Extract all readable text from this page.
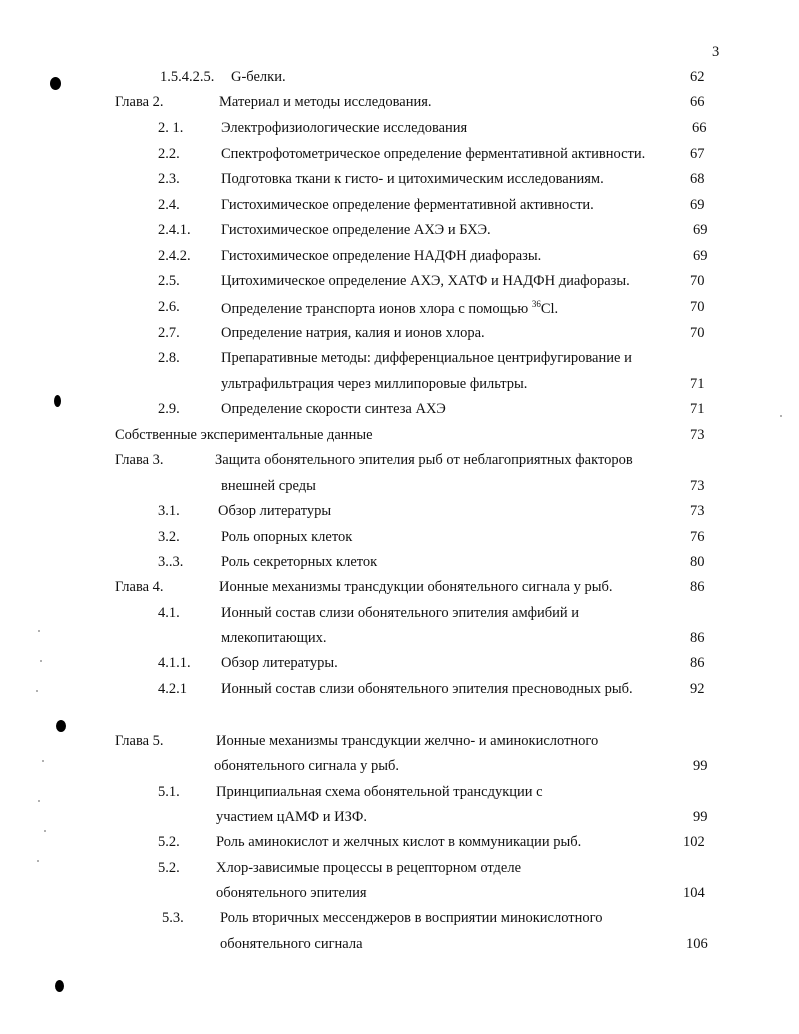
3
1.5.4.2.5. G-белки.	62
Глава 2.	Материал и методы исследования.	66
2. 1.	Электрофизиологические исследования	66
2.2.	Спектрофотометрическое определение ферментативной активности.	67
2.3.	Подготовка ткани к гисто- и цитохимическим исследованиям.	68
2.4.	Гистохимическое определение ферментативной активности.	69
2.4.1. Гистохимическое определение АХЭ и БХЭ.	69
2.4.2. Гистохимическое определение НАДФН диафоразы.	69
2.5.	Цитохимическое определение АХЭ, ХАТФ и НАДФН диафоразы.	70
2.6.	Определение транспорта ионов хлора с помощью $^{36}$Cl.	70
2.7.	Определение натрия, калия и ионов хлора.	70
2.8.	Препаративные методы: дифференциальное центрифугирование и
ультрафильтрация через миллипоровые фильтры.	71
2.9.	Определение скорости синтеза АХЭ	71
Собственные экспериментальные данные	73
Глава 3.	Защита обонятельного эпителия рыб от неблагоприятных факторов
внешней среды	73
3.1.	Обзор литературы	73
3.2.	Роль опорных клеток	76
3..3.	Роль секреторных клеток	80
Глава 4.	Ионные механизмы трансдукции обонятельного сигнала у рыб.	86
4.1.	Ионный состав слизи обонятельного эпителия амфибий и
млекопитающих.	86
4.1.1. Обзор литературы.	86
4.2.1 Ионный состав слизи обонятельного эпителия пресноводных рыб.	92
Глава 5.	Ионные механизмы трансдукции желчно- и аминокислотного
обонятельного сигнала у рыб.	99
5.1.	Принципиальная схема обонятельной трансдукции с
участием цАМФ и ИЗФ.	99
5.2.	Роль аминокислот и желчных кислот в коммуникации рыб.	102
5.2.	Хлор-зависимые процессы в рецепторном отделе
обонятельного эпителия	104
5.3.	Роль вторичных мессенджеров в восприятии минокислотного
обонятельного сигнала	106
